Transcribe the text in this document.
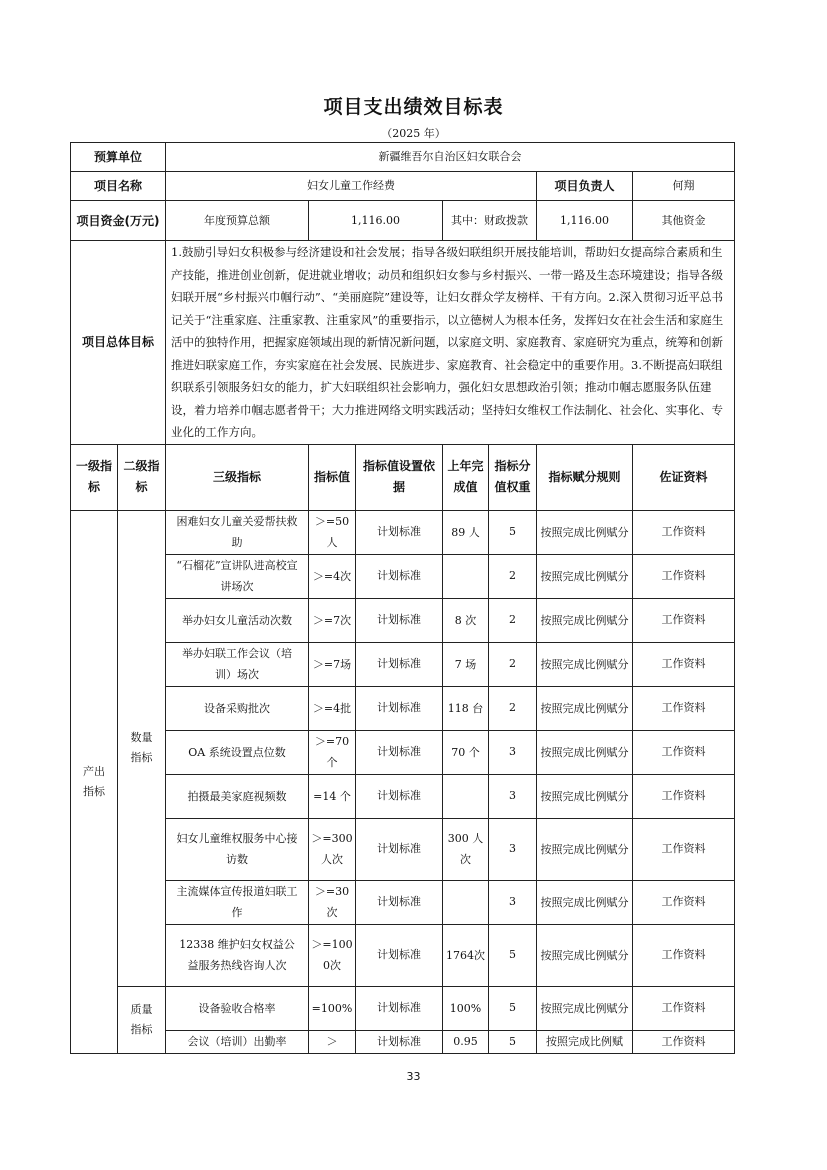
项目支出绩效目标表
（2025 年）
预算单位		新疆维吾尔自治区妇女联合会						
项目名称		妇女儿童工作经费					项目负责人	何翔
项目资金(万元)		年度预算总额	1,116.00		其中：财政拨款		1,116.00	其他资金
项目总体目标		1.鼓励引导妇女积极参与经济建设和社会发展；指导各级妇联组织开展技能培训，帮助妇女提高综合素质和生产技能，推进创业创新，促进就业增收；动员和组织妇女参与乡村振兴、一带一路及生态环境建设；指导各级妇联开展“乡村振兴巾帼行动”、“美丽庭院”建设等，让妇女群众学友榜样、干有方向。2.深入贯彻习近平总书记关于“注重家庭、注重家教、注重家风”的重要指示，以立德树人为根本任务，发挥妇女在社会生活和家庭生活中的独特作用，把握家庭领域出现的新情况新问题，以家庭文明、家庭教育、家庭研究为重点，统筹和创新推进妇联家庭工作，夯实家庭在社会发展、民族进步、家庭教育、社会稳定中的重要作用。3.不断提高妇联组织联系引领服务妇女的能力，扩大妇联组织社会影响力，强化妇女思想政治引领；推动巾帼志愿服务队伍建设，着力培养巾帼志愿者骨干；大力推进网络文明实践活动；坚持妇女维权工作法制化、社会化、实事化、专业化的工作方向。						
一级指标	二级指标	三级指标	指标值	指标值设置依据	上年完成值	指标分值权重	指标赋分规则	佐证资料
产出指标	数量指标	困难妇女儿童关爱帮扶救助	＞=50人	计划标准	89 人	5	按照完成比例赋分	工作资料
		“石榴花”宣讲队进高校宣讲场次	＞=4次	计划标准		2	按照完成比例赋分	工作资料
		举办妇女儿童活动次数	＞=7次	计划标准	8 次	2	按照完成比例赋分	工作资料
		举办妇联工作会议（培训）场次	＞=7场	计划标准	7 场	2	按照完成比例赋分	工作资料
		设备采购批次	＞=4批	计划标准	118 台	2	按照完成比例赋分	工作资料
		OA 系统设置点位数	＞=70个	计划标准	70 个	3	按照完成比例赋分	工作资料
		拍摄最美家庭视频数	=14 个	计划标准		3	按照完成比例赋分	工作资料
		妇女儿童维权服务中心接访数	＞=300人次	计划标准	300 人次	3	按照完成比例赋分	工作资料
		主流媒体宣传报道妇联工作	＞=30次	计划标准		3	按照完成比例赋分	工作资料
		12338 维护妇女权益公益服务热线咨询人次	＞=1000次	计划标准	1764次	5	按照完成比例赋分	工作资料
	质量指标	设备验收合格率	=100%	计划标准	100%	5	按照完成比例赋分	工作资料
		会议（培训）出勤率	＞	计划标准	0.95	5	按照完成比例赋	工作资料
33
